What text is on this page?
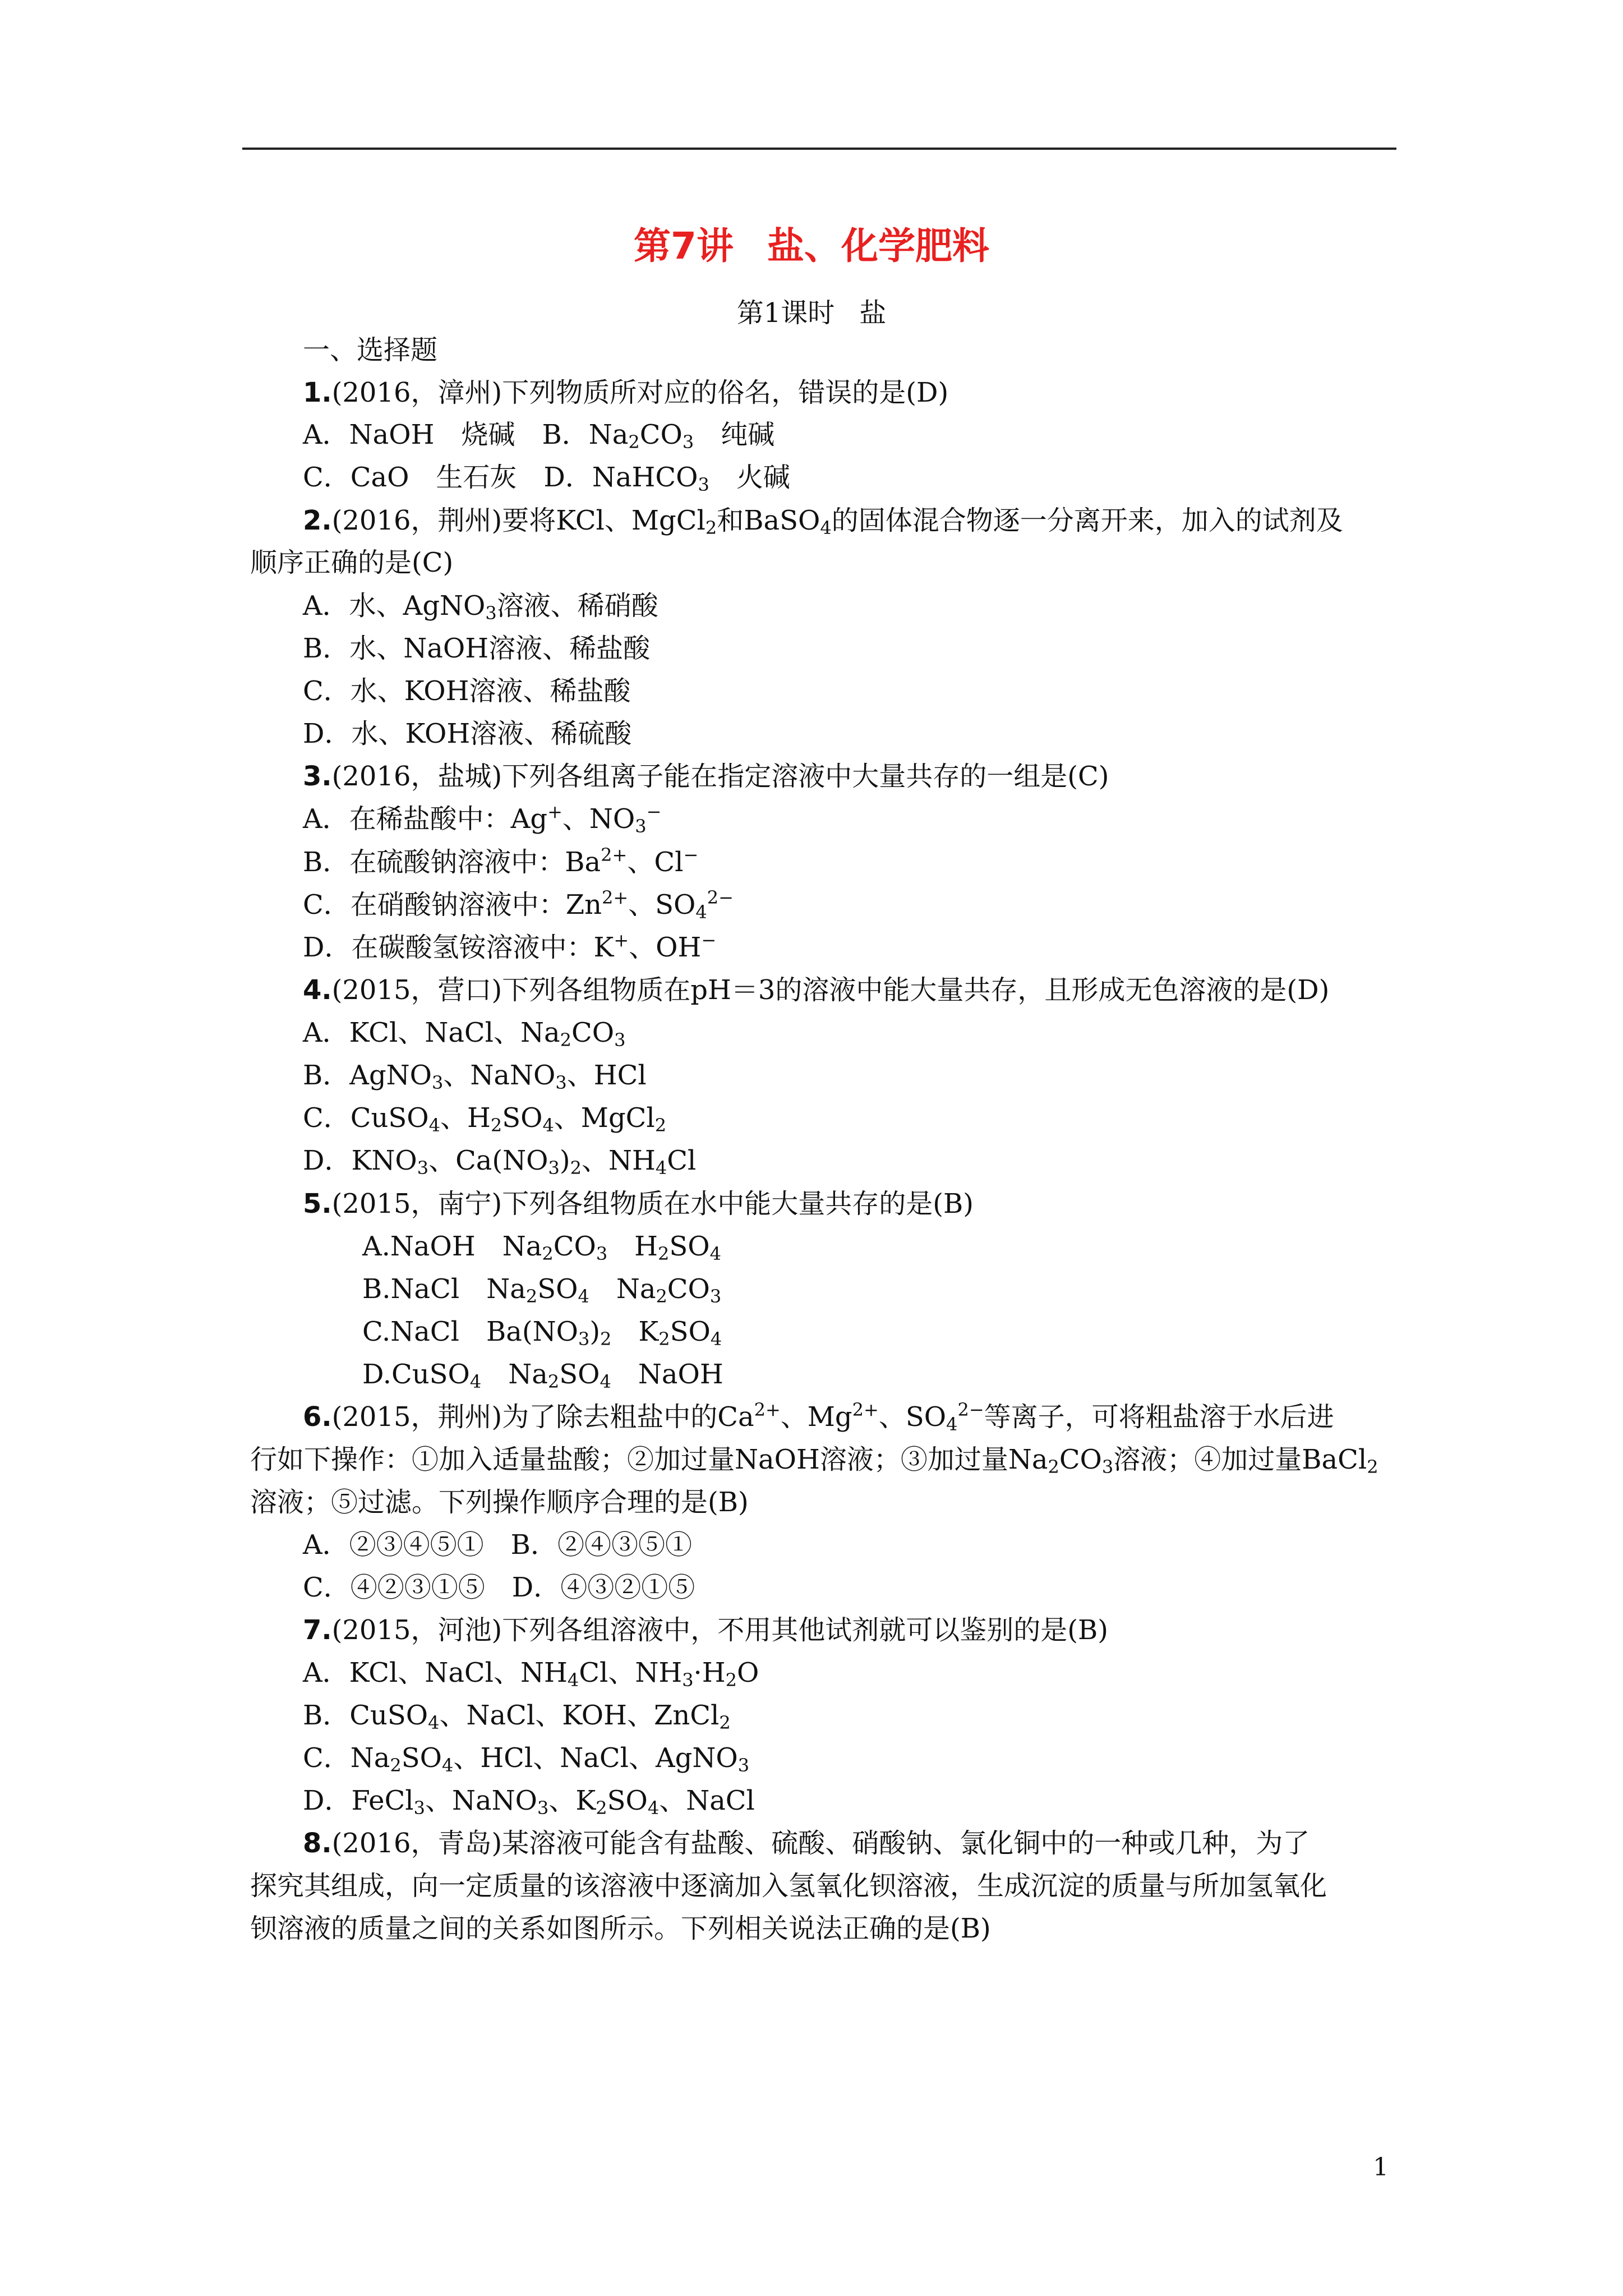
第7讲 盐、化学肥料
第1课时 盐
一、选择题
1.(2016，漳州)下列物质所对应的俗名，错误的是(D)
A．NaOH　烧碱　B．$Na_2CO_3$　纯碱
C．CaO　生石灰　D．NaHCO$_3$　火碱
2.(2016，荆州)要将KCl、MgCl$_2$和BaSO$_4$的固体混合物逐一分离开来，加入的试剂及
顺序正确的是(C)
A．水、AgNO$_3$溶液、稀硝酸
B．水、NaOH溶液、稀盐酸
C．水、KOH溶液、稀盐酸
D．水、KOH溶液、稀硫酸
3.(2016，盐城)下列各组离子能在指定溶液中大量共存的一组是(C)
A．在稀盐酸中：Ag+、$NO_3^-$
B．在硫酸钠溶液中：$Ba^{2+}$、Cl−
C．在硝酸钠溶液中：$Zn^{2+}$、$SO_4^{2-}$
D．在碳酸氢铵溶液中：K+、OH−
4.(2015，营口)下列各组物质在pH＝3的溶液中能大量共存，且形成无色溶液的是(D)
A．KCl、NaCl、$Na_2CO_3$
B．AgNO$_3$、NaNO$_3$、HCl
C．CuSO$_4$、$H_2SO_4$、MgCl$_2$
D．$KNO_3$、$Ca(NO_3)_2$、$NH_4Cl$
5.(2015，南宁)下列各组物质在水中能大量共存的是(B)
A.NaOH　$Na_2CO_3$　$H_2SO_4$
B.NaCl　$Na_2SO_4$　$Na_2CO_3$
C.NaCl　$Ba(NO_3)_2$　$K_2SO_4$
D.CuSO$_4$　$Na_2SO_4$　NaOH
6.(2015，荆州)为了除去粗盐中的$Ca^{2+}$、$Mg^{2+}$、$SO_4^{2-}$等离子，可将粗盐溶于水后进
行如下操作：①加入适量盐酸；②加过量NaOH溶液；③加过量$Na_2CO_3$溶液；④加过量BaCl$_2$
溶液；⑤过滤。下列操作顺序合理的是(B)
A．②③④⑤①　B．②④③⑤①
C．④②③①⑤　D．④③②①⑤
7.(2015，河池)下列各组溶液中，不用其他试剂就可以鉴别的是(B)
A．KCl、NaCl、$NH_4Cl$、$NH_3\cdot H_2O$
B．CuSO$_4$、NaCl、KOH、ZnCl$_2$
C．$Na_2SO_4$、HCl、NaCl、AgNO$_3$
D．FeCl$_3$、NaNO$_3$、$K_2SO_4$、NaCl
8.(2016，青岛)某溶液可能含有盐酸、硫酸、硝酸钠、氯化铜中的一种或几种，为了
探究其组成，向一定质量的该溶液中逐滴加入氢氧化钡溶液，生成沉淀的质量与所加氢氧化
钡溶液的质量之间的关系如图所示。下列相关说法正确的是(B)
1
